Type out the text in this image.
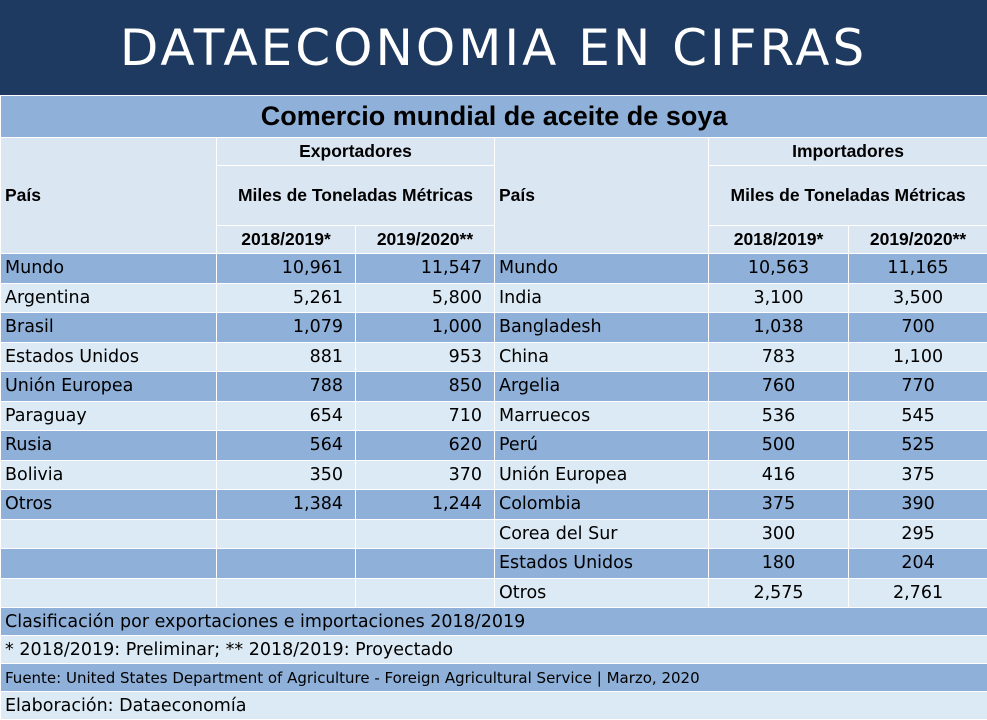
DATAECONOMIA EN CIFRAS
Comercio mundial de aceite de soya					
País	Exportadores		País	Importadores	
	Miles de Toneladas Métricas			Miles de Toneladas Métricas	
	2018/2019*	2019/2020**		2018/2019*	2019/2020**
Mundo	10,961	11,547	Mundo	10,563	11,165
Argentina	5,261	5,800	India	3,100	3,500
Brasil	1,079	1,000	Bangladesh	1,038	700
Estados Unidos	881	953	China	783	1,100
Unión Europea	788	850	Argelia	760	770
Paraguay	654	710	Marruecos	536	545
Rusia	564	620	Perú	500	525
Bolivia	350	370	Unión Europea	416	375
Otros	1,384	1,244	Colombia	375	390
			Corea del Sur	300	295
			Estados Unidos	180	204
			Otros	2,575	2,761
Clasificación por exportaciones e importaciones 2018/2019					
* 2018/2019: Preliminar; ** 2018/2019: Proyectado					
Fuente: United States Department of Agriculture - Foreign Agricultural Service | Marzo, 2020					
Elaboración: Dataeconomía					
